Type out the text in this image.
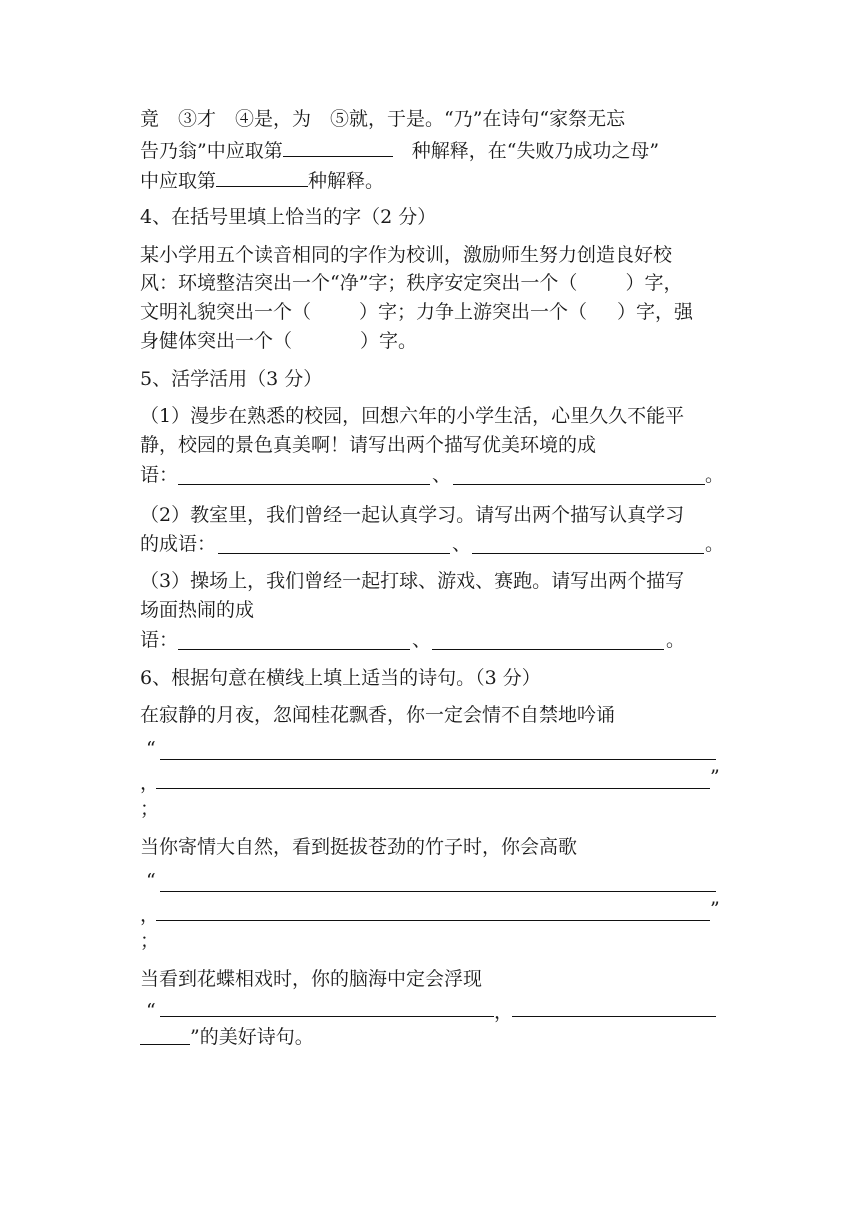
竟　③才　④是，为　⑤就，于是。“乃”在诗句“家祭无忘
告乃翁”中应取第	　种解释，在“失败乃成功之母”
中应取第	种解释。
4、在括号里填上恰当的字（2 分）
某小学用五个读音相同的字作为校训，激励师生努力创造良好校
风：环境整洁突出一个“净”字；秩序安定突出一个（	）字，
文明礼貌突出一个（	）字；力争上游突出一个（ ）字，强
身健体突出一个（	）字。
5、活学活用（3 分）
（1）漫步在熟悉的校园，回想六年的小学生活，心里久久不能平
静，校园的景色真美啊！请写出两个描写优美环境的成
语：	、	。
（2）教室里，我们曾经一起认真学习。请写出两个描写认真学习
的成语：	、	。
（3）操场上，我们曾经一起打球、游戏、赛跑。请写出两个描写
场面热闹的成
语：	、	。
6、根据句意在横线上填上适当的诗句。（3 分）
在寂静的月夜，忽闻桂花飘香，你一定会情不自禁地吟诵
“
，	”
；
当你寄情大自然，看到挺拔苍劲的竹子时，你会高歌
“
，	”
；
当看到花蝶相戏时，你的脑海中定会浮现
“	，
”的美好诗句。
